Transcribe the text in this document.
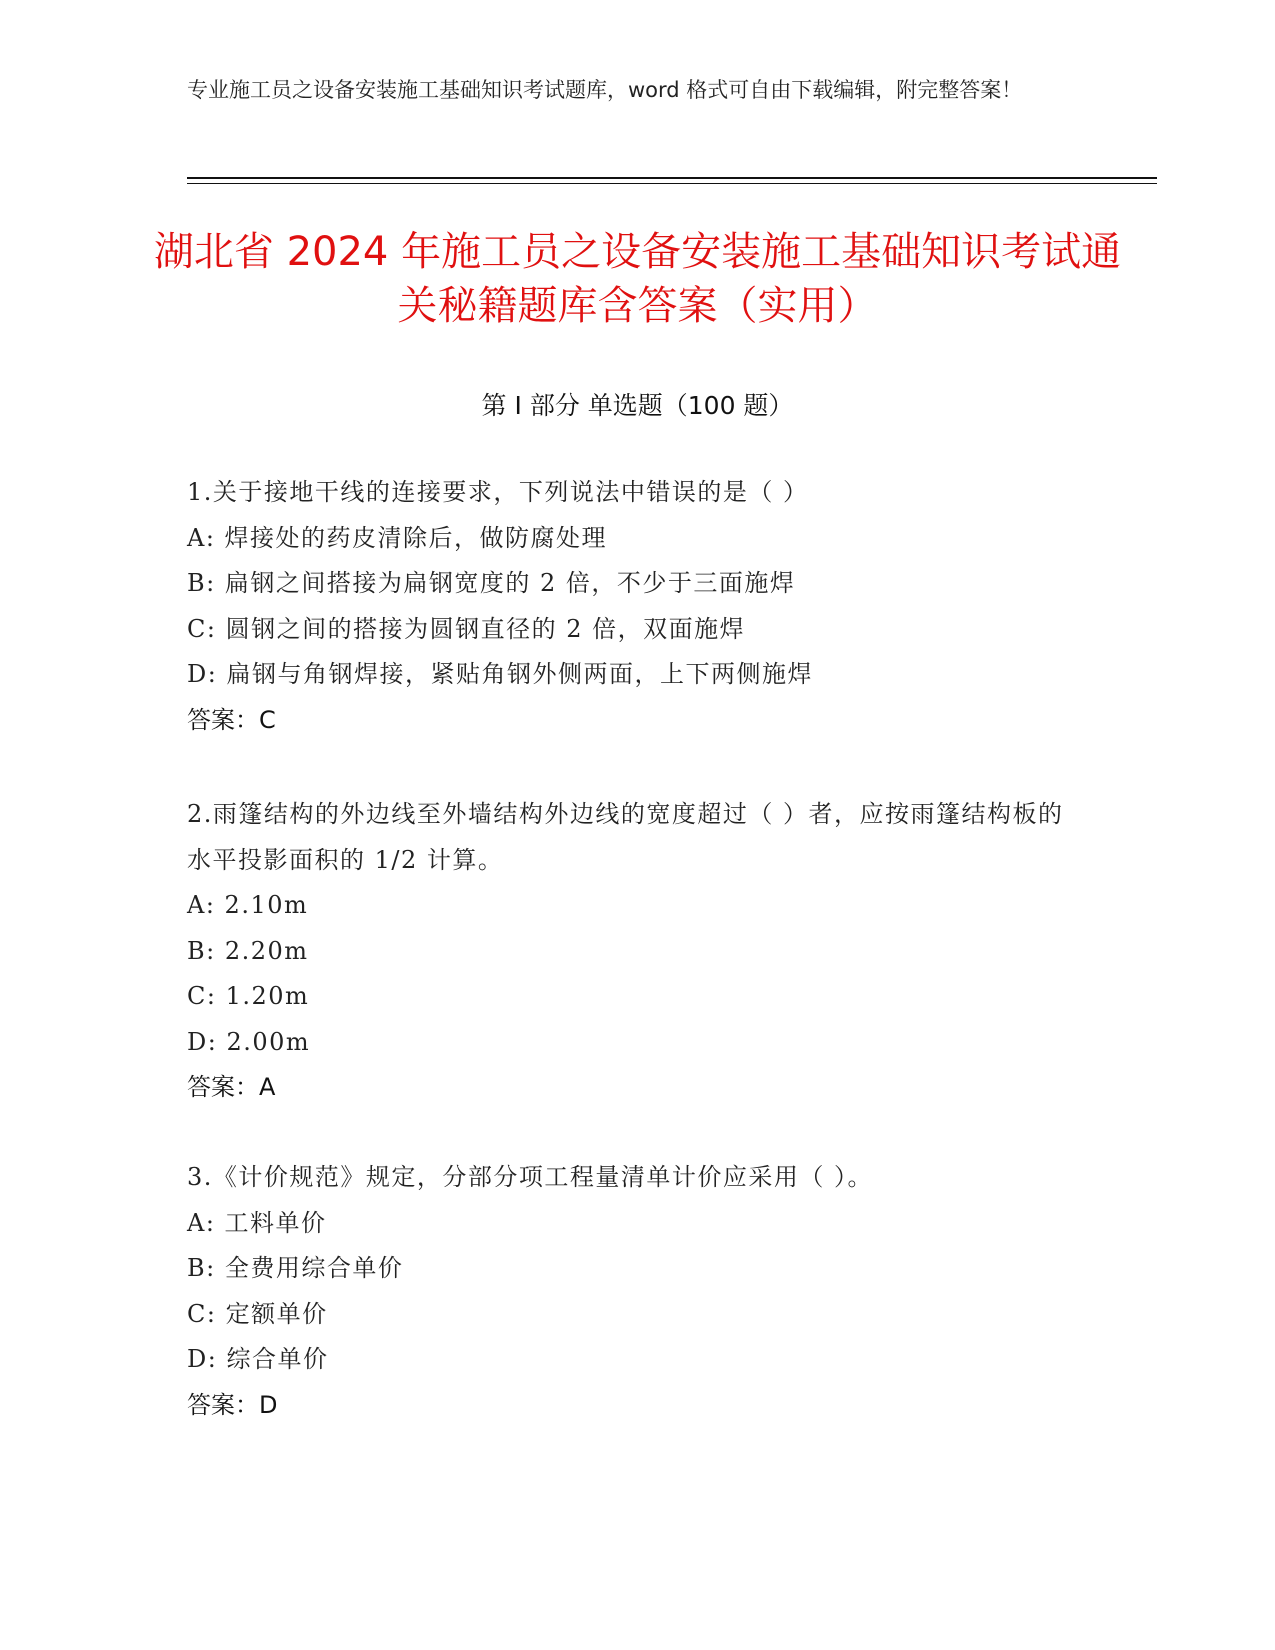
专业施工员之设备安装施工基础知识考试题库，word 格式可自由下载编辑，附完整答案！
湖北省 2024 年施工员之设备安装施工基础知识考试通关秘籍题库含答案（实用）
第 I 部分 单选题（100 题）
1.关于接地干线的连接要求，下列说法中错误的是（ ）
A: 焊接处的药皮清除后，做防腐处理
B: 扁钢之间搭接为扁钢宽度的 2 倍，不少于三面施焊
C: 圆钢之间的搭接为圆钢直径的 2 倍，双面施焊
D: 扁钢与角钢焊接，紧贴角钢外侧两面，上下两侧施焊
答案：C
2.雨篷结构的外边线至外墙结构外边线的宽度超过（ ）者，应按雨篷结构板的水平投影面积的 1/2 计算。
A: 2.10m
B: 2.20m
C: 1.20m
D: 2.00m
答案：A
3.《计价规范》规定，分部分项工程量清单计价应采用（ ）。
A: 工料单价
B: 全费用综合单价
C: 定额单价
D: 综合单价
答案：D
